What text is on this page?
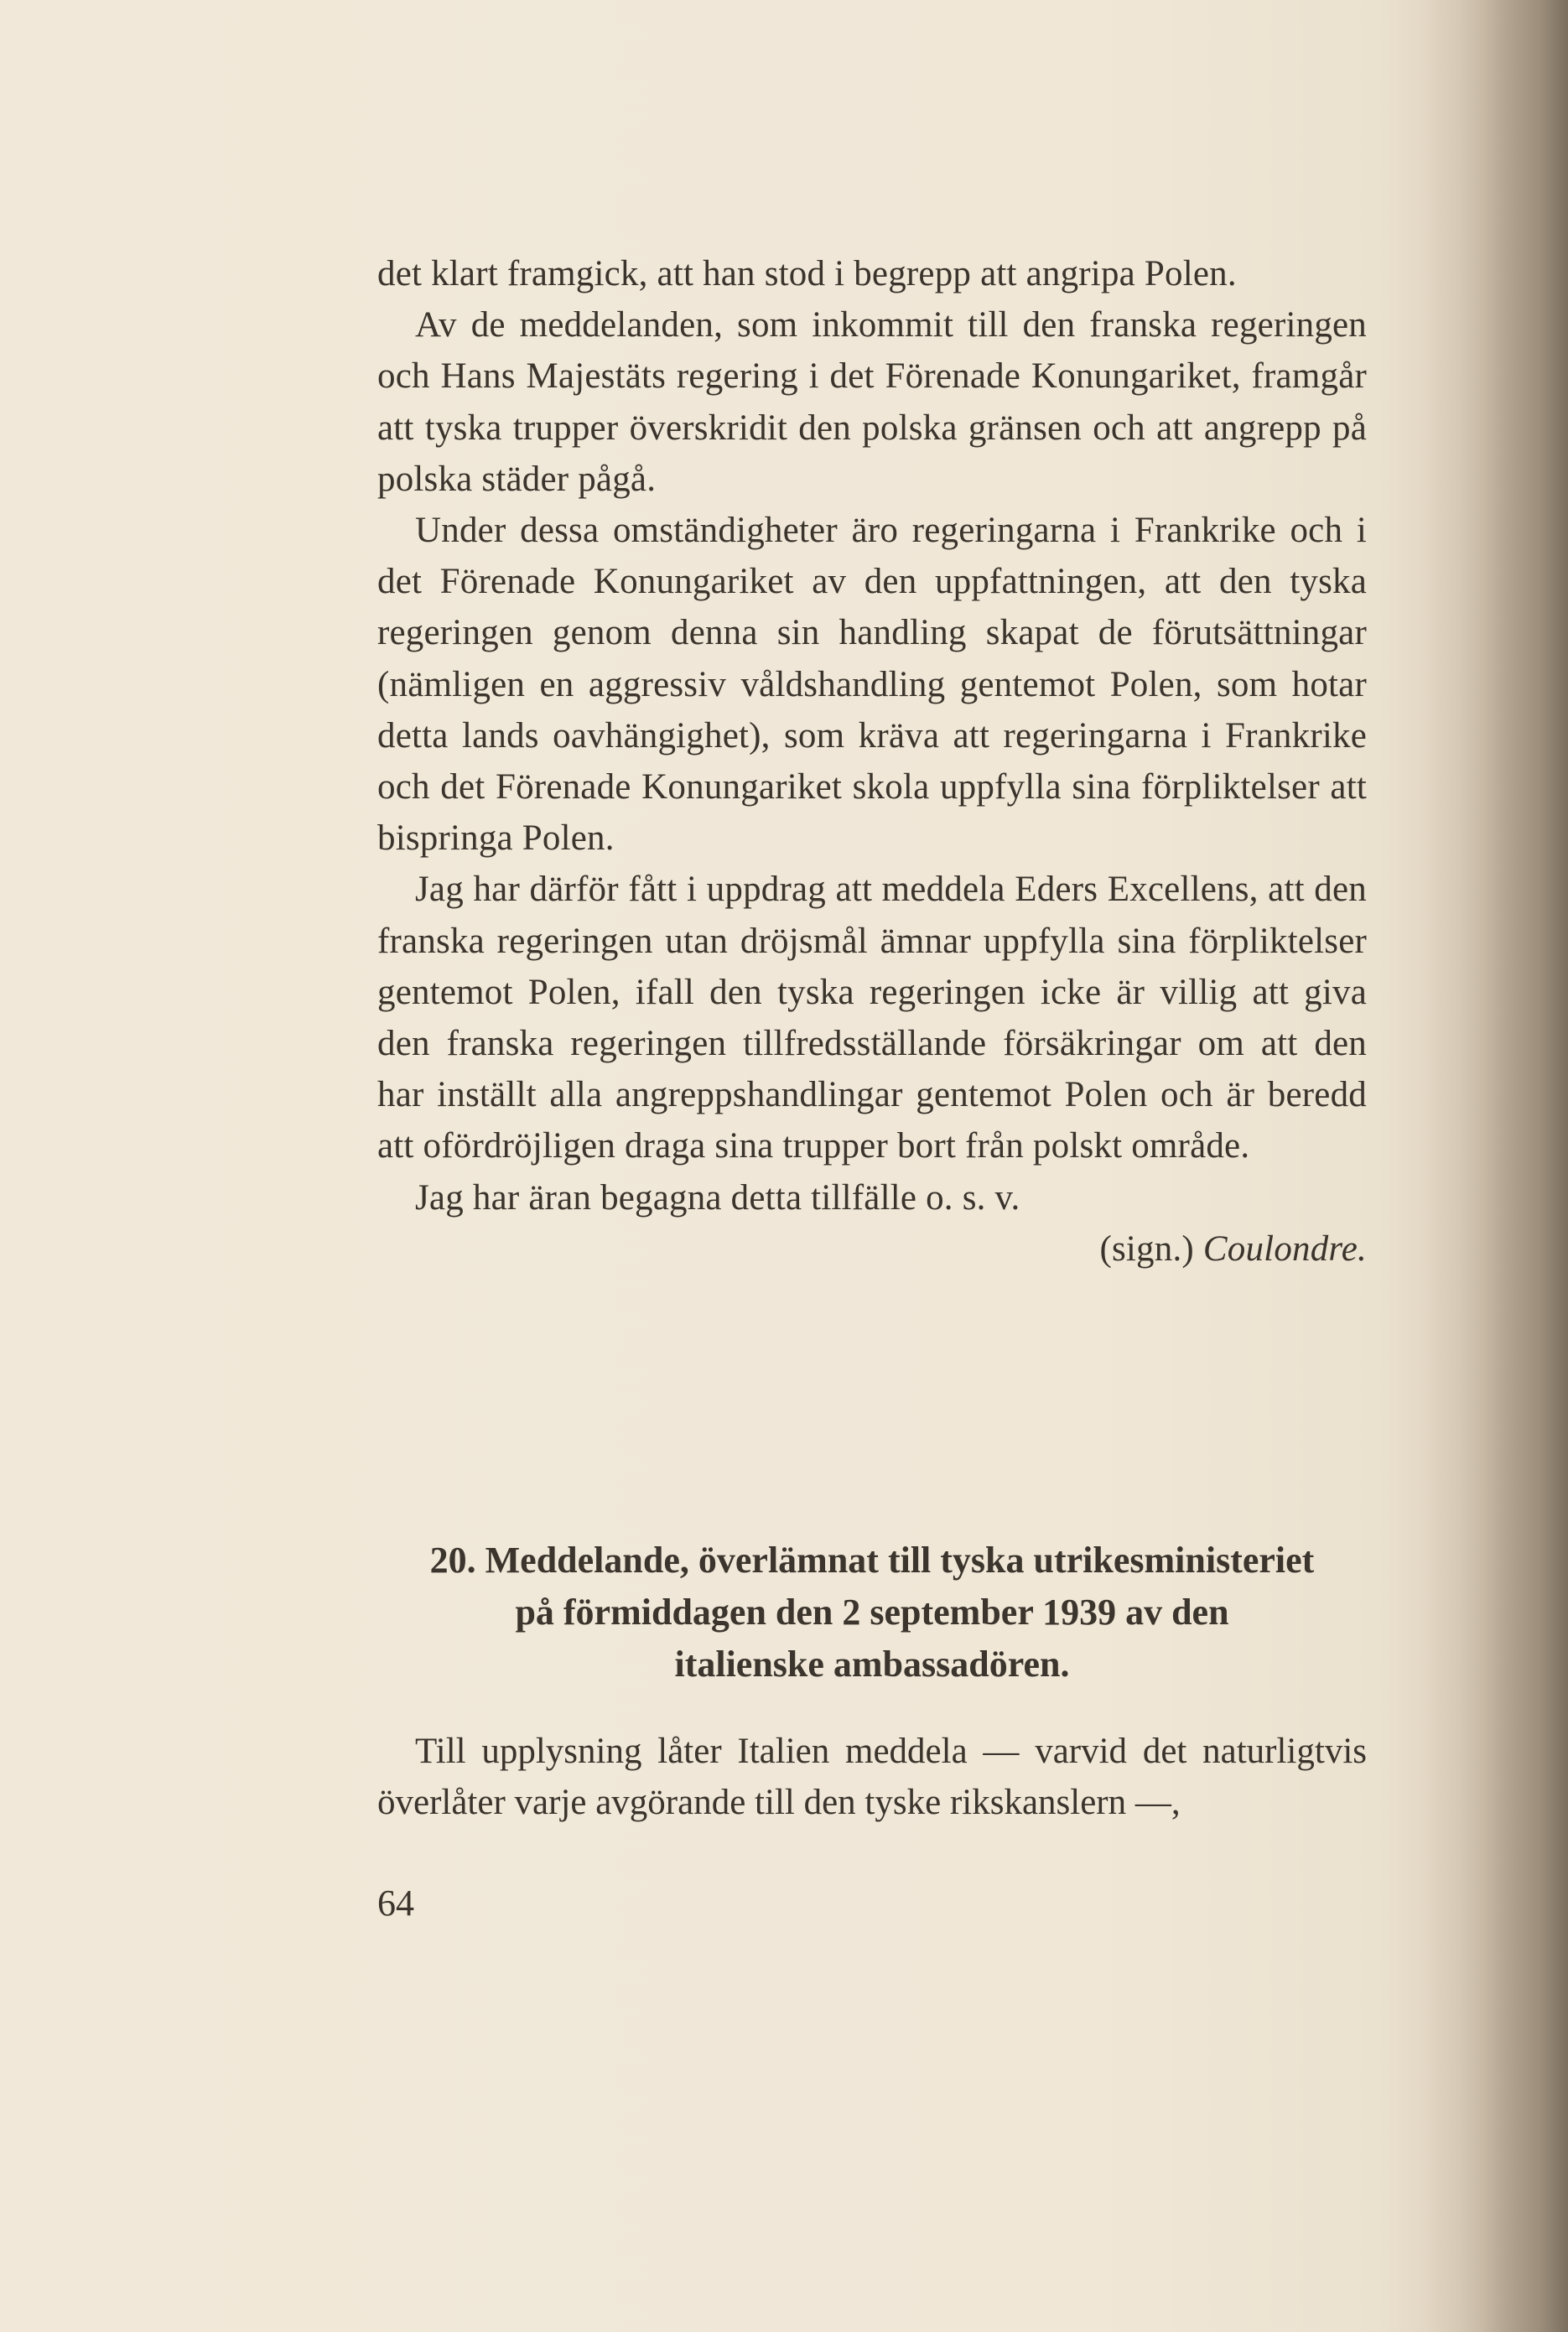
det klart framgick, att han stod i begrepp att angripa Polen.

Av de meddelanden, som inkommit till den franska regeringen och Hans Majestäts regering i det Förenade Konungariket, framgår att tyska trupper överskridit den polska gränsen och att angrepp på polska städer pågå.

Under dessa omständigheter äro regeringarna i Frankrike och i det Förenade Konungariket av den uppfattningen, att den tyska regeringen genom denna sin handling skapat de förutsättningar (nämligen en aggressiv våldshandling gentemot Polen, som hotar detta lands oavhängighet), som kräva att regeringarna i Frankrike och det Förenade Konungariket skola uppfylla sina förpliktelser att bispringa Polen.

Jag har därför fått i uppdrag att meddela Eders Excellens, att den franska regeringen utan dröjsmål ämnar uppfylla sina förpliktelser gentemot Polen, ifall den tyska regeringen icke är villig att giva den franska regeringen tillfredsställande försäkringar om att den har inställt alla angreppshandlingar gentemot Polen och är beredd att ofördröjligen draga sina trupper bort från polskt område.

Jag har äran begagna detta tillfälle o. s. v.

(sign.) Coulondre.

20. Meddelande, överlämnat till tyska utrikesministeriet
på förmiddagen den 2 september 1939 av den
italienske ambassadören.

Till upplysning låter Italien meddela — varvid det naturligtvis överlåter varje avgörande till den tyske rikskanslern —,

64
